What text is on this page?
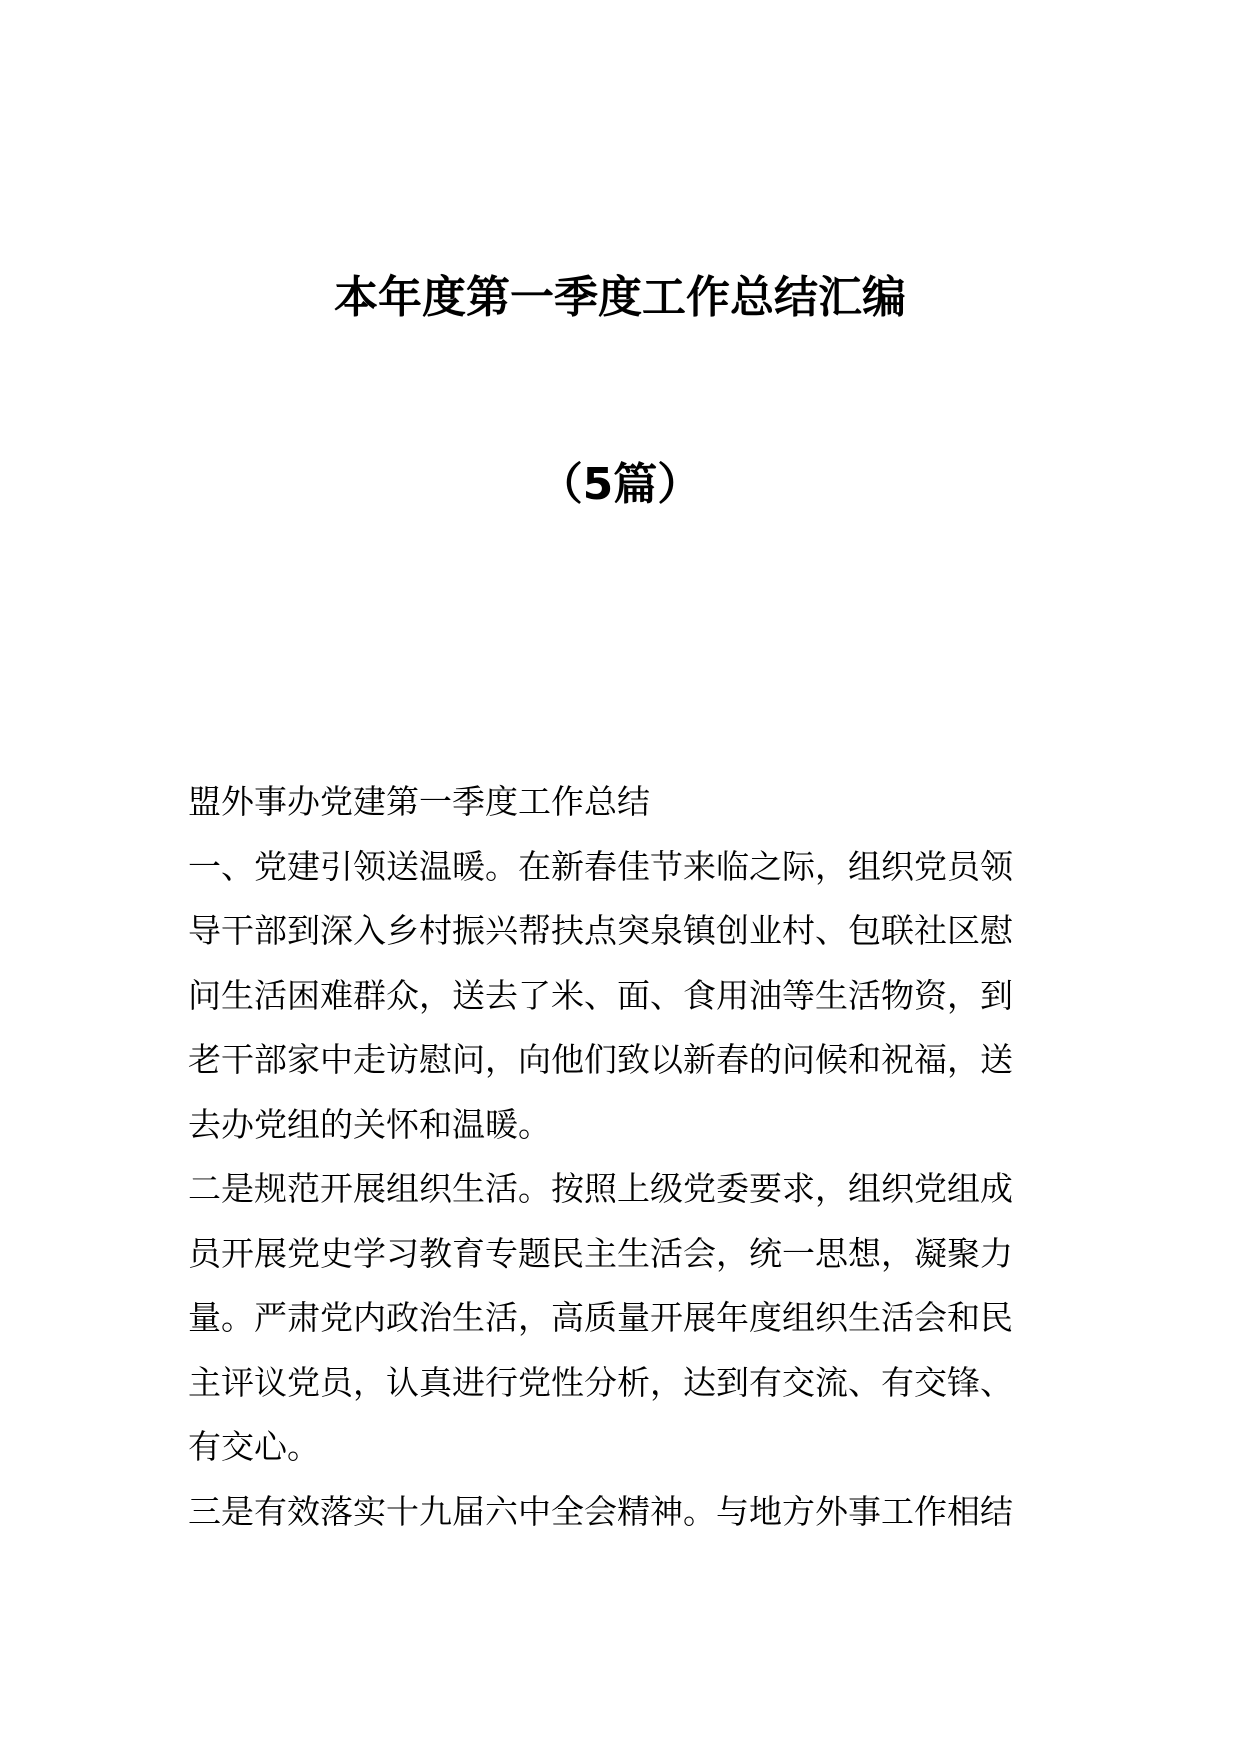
本年度第一季度工作总结汇编
（5篇）
盟外事办党建第一季度工作总结
一、党建引领送温暖。在新春佳节来临之际，组织党员领
导干部到深入乡村振兴帮扶点突泉镇创业村、包联社区慰
问生活困难群众，送去了米、面、食用油等生活物资，到
老干部家中走访慰问，向他们致以新春的问候和祝福，送
去办党组的关怀和温暖。
二是规范开展组织生活。按照上级党委要求，组织党组成
员开展党史学习教育专题民主生活会，统一思想，凝聚力
量。严肃党内政治生活，高质量开展年度组织生活会和民
主评议党员，认真进行党性分析，达到有交流、有交锋、
有交心。
三是有效落实十九届六中全会精神。与地方外事工作相结
